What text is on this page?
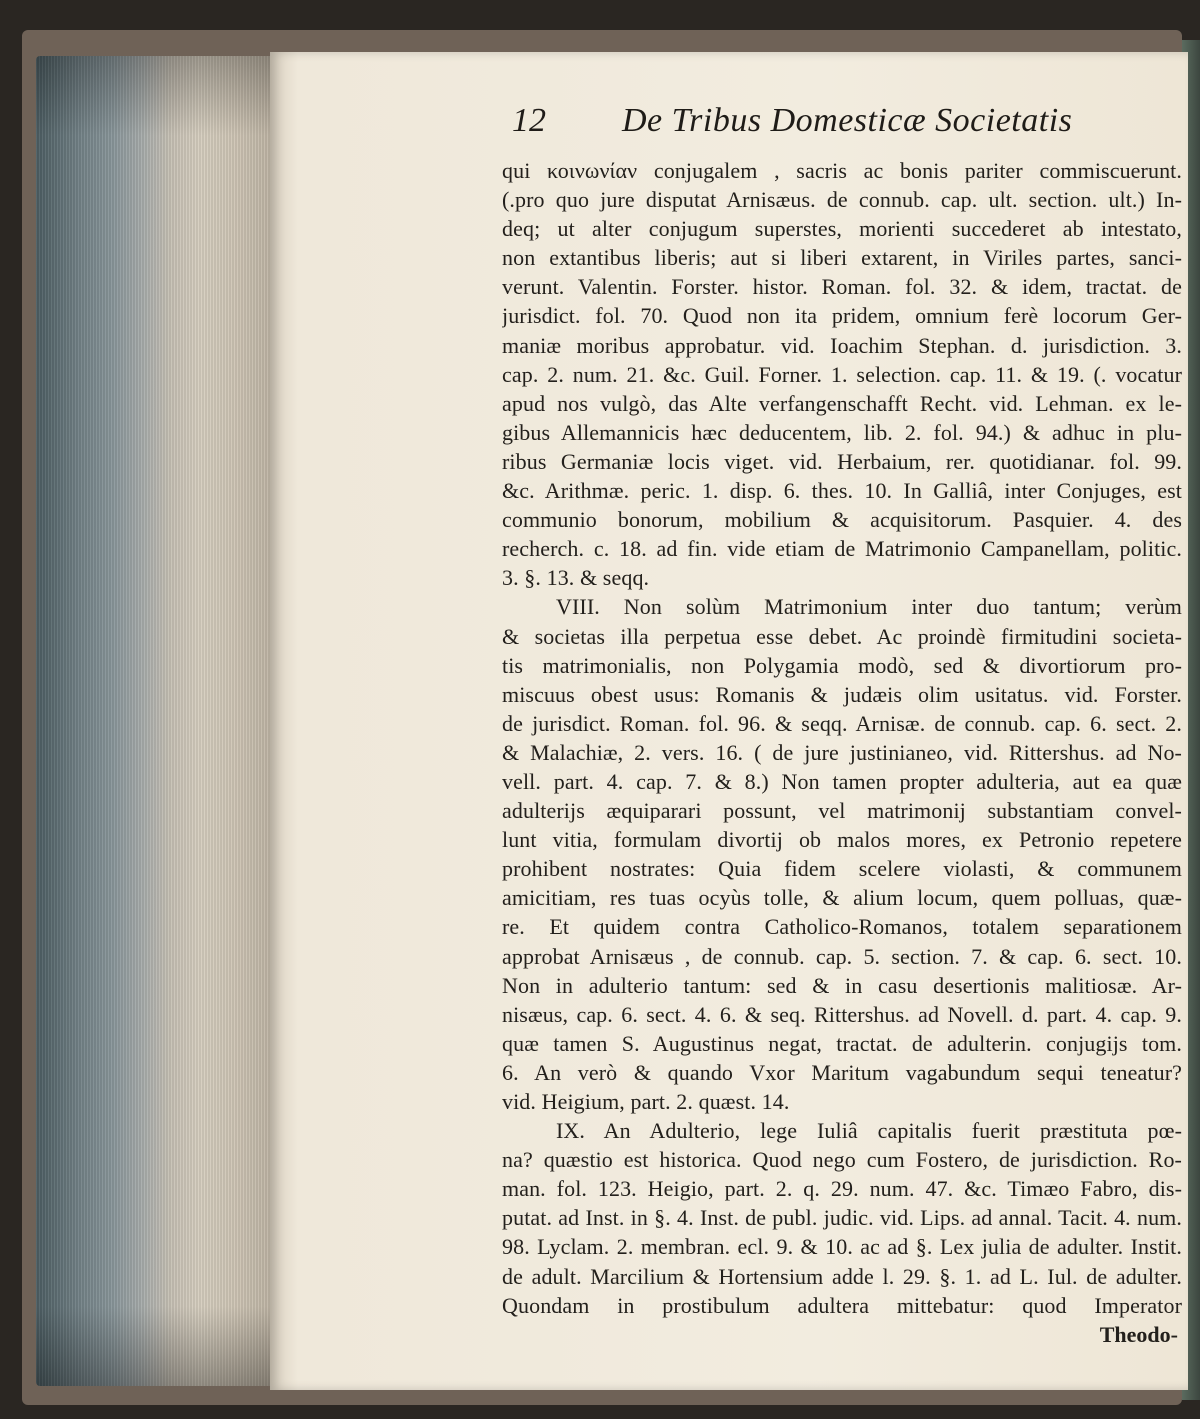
12 De Tribus Domesticæ Societatis
qui κοινωνίαν conjugalem , sacris ac bonis pariter commiscuerunt.
(.pro quo jure disputat Arnisæus. de connub. cap. ult. section. ult.) In-
deq; ut alter conjugum superstes, morienti succederet ab intestato,
non extantibus liberis; aut si liberi extarent, in Viriles partes, sanci-
verunt. Valentin. Forster. histor. Roman. fol. 32. & idem, tractat. de
jurisdict. fol. 70. Quod non ita pridem, omnium ferè locorum Ger-
maniæ moribus approbatur. vid. Ioachim Stephan. d. jurisdiction. 3.
cap. 2. num. 21. &c. Guil. Forner. 1. selection. cap. 11. & 19. (. vocatur
apud nos vulgò, das Alte verfangenschafft Recht. vid. Lehman. ex le-
gibus Allemannicis hæc deducentem, lib. 2. fol. 94.) & adhuc in plu-
ribus Germaniæ locis viget. vid. Herbaium, rer. quotidianar. fol. 99.
&c. Arithmæ. peric. 1. disp. 6. thes. 10. In Galliâ, inter Conjuges, est
communio bonorum, mobilium & acquisitorum. Pasquier. 4. des
recherch. c. 18. ad fin. vide etiam de Matrimonio Campanellam, politic.
3. §. 13. & seqq.
VIII. Non solùm Matrimonium inter duo tantum; verùm
& societas illa perpetua esse debet. Ac proindè firmitudini societa-
tis matrimonialis, non Polygamia modò, sed & divortiorum pro-
miscuus obest usus: Romanis & judæis olim usitatus. vid. Forster.
de jurisdict. Roman. fol. 96. & seqq. Arnisæ. de connub. cap. 6. sect. 2.
& Malachiæ, 2. vers. 16. ( de jure justinianeo, vid. Rittershus. ad No-
vell. part. 4. cap. 7. & 8.) Non tamen propter adulteria, aut ea quæ
adulterijs æquiparari possunt, vel matrimonij substantiam convel-
lunt vitia, formulam divortij ob malos mores, ex Petronio repetere
prohibent nostrates: Quia fidem scelere violasti, & communem
amicitiam, res tuas ocyùs tolle, & alium locum, quem polluas, quæ-
re. Et quidem contra Catholico-Romanos, totalem separationem
approbat Arnisæus , de connub. cap. 5. section. 7. & cap. 6. sect. 10.
Non in adulterio tantum: sed & in casu desertionis malitiosæ. Ar-
nisæus, cap. 6. sect. 4. 6. & seq. Rittershus. ad Novell. d. part. 4. cap. 9.
quæ tamen S. Augustinus negat, tractat. de adulterin. conjugijs tom.
6. An verò & quando Vxor Maritum vagabundum sequi teneatur?
vid. Heigium, part. 2. quæst. 14.
IX. An Adulterio, lege Iuliâ capitalis fuerit præstituta pœ-
na? quæstio est historica. Quod nego cum Fostero, de jurisdiction. Ro-
man. fol. 123. Heigio, part. 2. q. 29. num. 47. &c. Timæo Fabro, dis-
putat. ad Inst. in §. 4. Inst. de publ. judic. vid. Lips. ad annal. Tacit. 4. num.
98. Lyclam. 2. membran. ecl. 9. & 10. ac ad §. Lex julia de adulter. Instit.
de adult. Marcilium & Hortensium adde l. 29. §. 1. ad L. Iul. de adulter.
Quondam in prostibulum adultera mittebatur: quod Imperator
Theodo-
